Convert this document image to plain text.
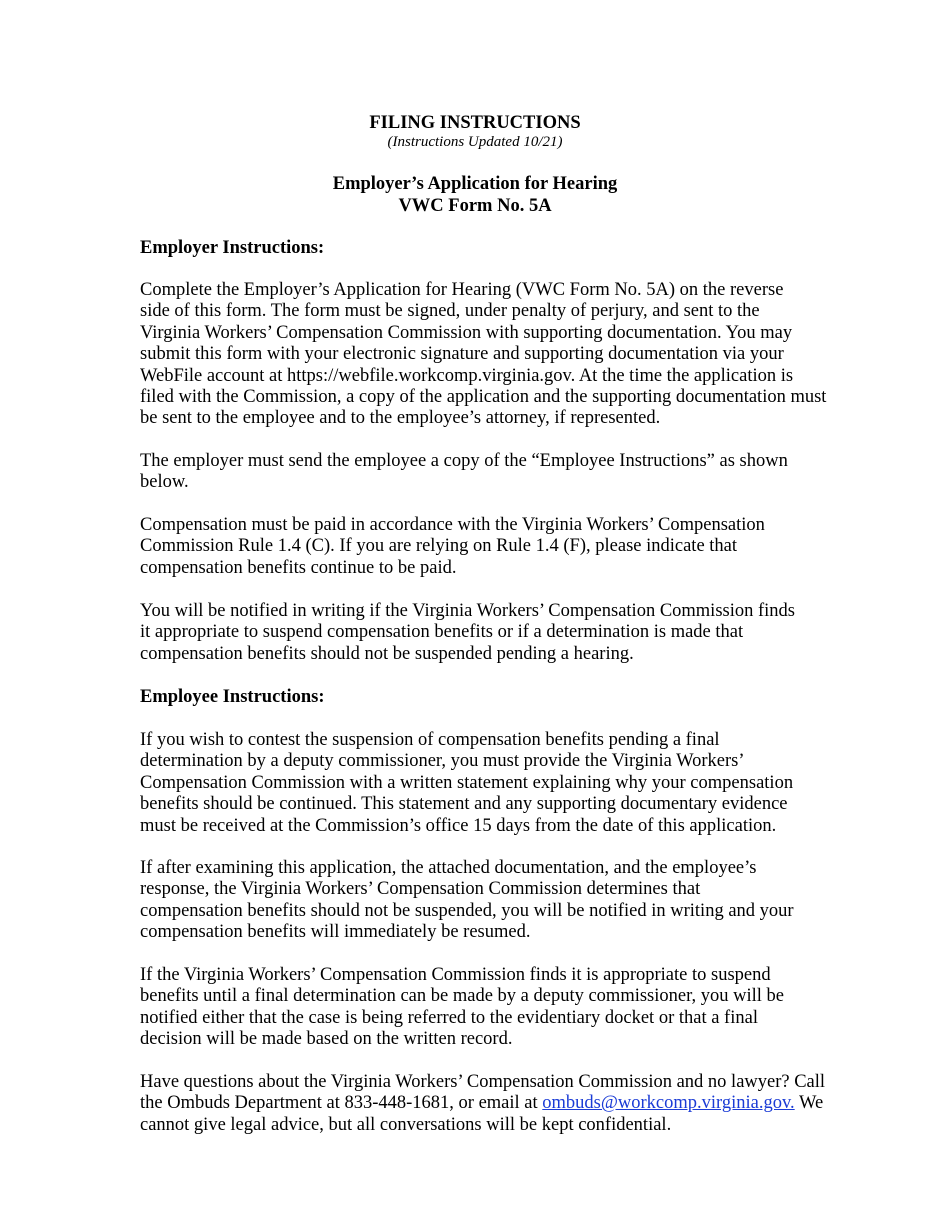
FILING INSTRUCTIONS
(Instructions Updated 10/21)
Employer’s Application for Hearing
VWC Form No. 5A
Employer Instructions:

Complete the Employer’s Application for Hearing (VWC Form No. 5A) on the reverse
side of this form. The form must be signed, under penalty of perjury, and sent to the
Virginia Workers’ Compensation Commission with supporting documentation. You may
submit this form with your electronic signature and supporting documentation via your
WebFile account at https://webfile.workcomp.virginia.gov. At the time the application is
filed with the Commission, a copy of the application and the supporting documentation must
be sent to the employee and to the employee’s attorney, if represented.

The employer must send the employee a copy of the “Employee Instructions” as shown
below.

Compensation must be paid in accordance with the Virginia Workers’ Compensation
Commission Rule 1.4 (C). If you are relying on Rule 1.4 (F), please indicate that
compensation benefits continue to be paid.

You will be notified in writing if the Virginia Workers’ Compensation Commission finds
it appropriate to suspend compensation benefits or if a determination is made that
compensation benefits should not be suspended pending a hearing.

Employee Instructions:

If you wish to contest the suspension of compensation benefits pending a final
determination by a deputy commissioner, you must provide the Virginia Workers’
Compensation Commission with a written statement explaining why your compensation
benefits should be continued. This statement and any supporting documentary evidence
must be received at the Commission’s office 15 days from the date of this application.

If after examining this application, the attached documentation, and the employee’s
response, the Virginia Workers’ Compensation Commission determines that
compensation benefits should not be suspended, you will be notified in writing and your
compensation benefits will immediately be resumed.

If the Virginia Workers’ Compensation Commission finds it is appropriate to suspend
benefits until a final determination can be made by a deputy commissioner, you will be
notified either that the case is being referred to the evidentiary docket or that a final
decision will be made based on the written record.

Have questions about the Virginia Workers’ Compensation Commission and no lawyer? Call
the Ombuds Department at 833-448-1681, or email at ombuds@workcomp.virginia.gov. We
cannot give legal advice, but all conversations will be kept confidential.
